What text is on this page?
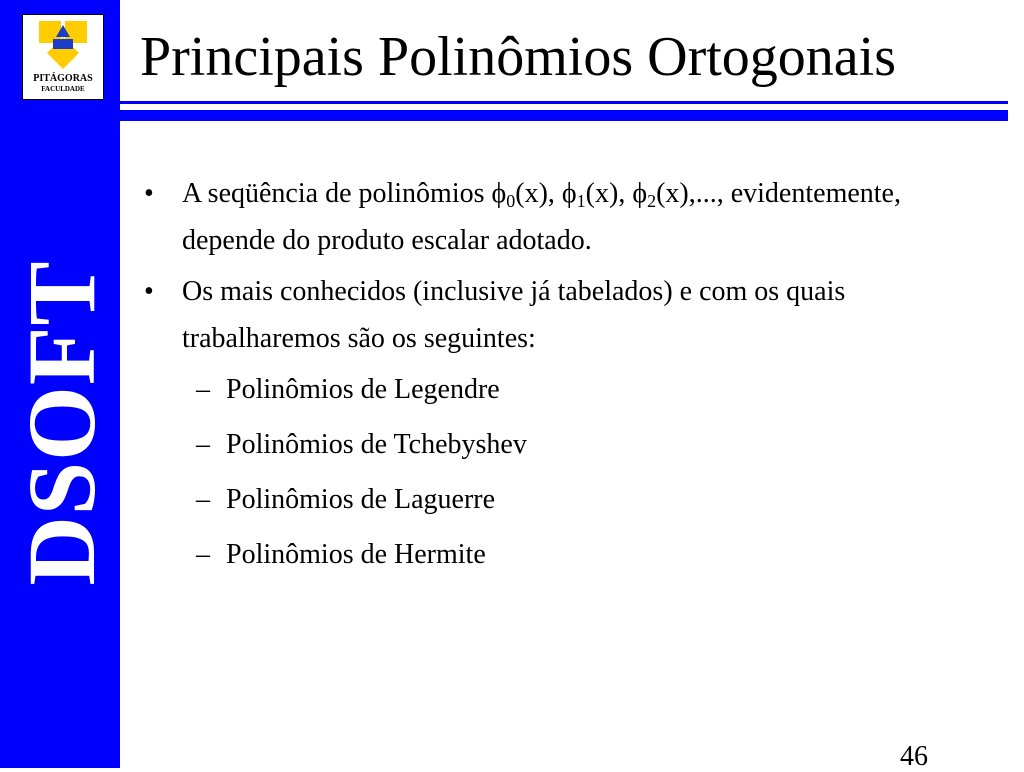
PITÁGORAS
FACULDADE
DSOFT
Principais Polinômios Ortogonais
• A seqüência de polinômios $\phi_0(x)$, $\phi_1(x)$, $\phi_2(x)$,..., evidentemente, depende do produto escalar adotado.
• Os mais conhecidos (inclusive já tabelados) e com os quais trabalharemos são os seguintes:
– Polinômios de Legendre
– Polinômios de Tchebyshev
– Polinômios de Laguerre
– Polinômios de Hermite
46
